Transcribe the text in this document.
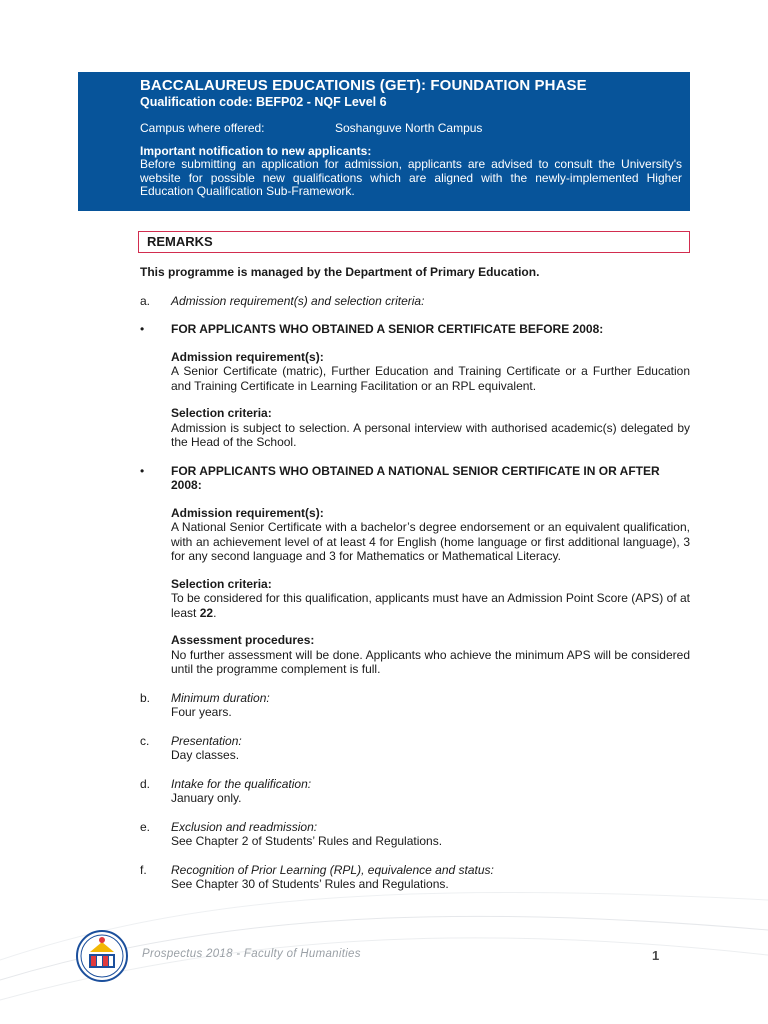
BACCALAUREUS EDUCATIONIS (GET): FOUNDATION PHASE
Qualification code: BEFP02 - NQF Level 6
Campus where offered:	Soshanguve North Campus
Important notification to new applicants:
Before submitting an application for admission, applicants are advised to consult the University's website for possible new qualifications which are aligned with the newly-implemented Higher Education Qualification Sub-Framework.
REMARKS

This programme is managed by the Department of Primary Education.

a.	Admission requirement(s) and selection criteria:
•	FOR APPLICANTS WHO OBTAINED A SENIOR CERTIFICATE BEFORE 2008:
Admission requirement(s):
A Senior Certificate (matric), Further Education and Training Certificate or a Further Education and Training Certificate in Learning Facilitation or an RPL equivalent.
Selection criteria:
Admission is subject to selection. A personal interview with authorised academic(s) delegated by the Head of the School.
•	FOR APPLICANTS WHO OBTAINED A NATIONAL SENIOR CERTIFICATE IN OR AFTER 2008:
Admission requirement(s):
A National Senior Certificate with a bachelor’s degree endorsement or an equivalent qualification, with an achievement level of at least 4 for English (home language or first additional language), 3 for any second language and 3 for Mathematics or Mathematical Literacy.
Selection criteria:
To be considered for this qualification, applicants must have an Admission Point Score (APS) of at least 22.
Assessment procedures:
No further assessment will be done. Applicants who achieve the minimum APS will be considered until the programme complement is full.
b.	Minimum duration:
Four years.
c.	Presentation:
Day classes.
d.	Intake for the qualification:
January only.
e.	Exclusion and readmission:
See Chapter 2 of Students’ Rules and Regulations.
f.	Recognition of Prior Learning (RPL), equivalence and status:
See Chapter 30 of Students’ Rules and Regulations.
Prospectus 2018 - Faculty of Humanities	1
